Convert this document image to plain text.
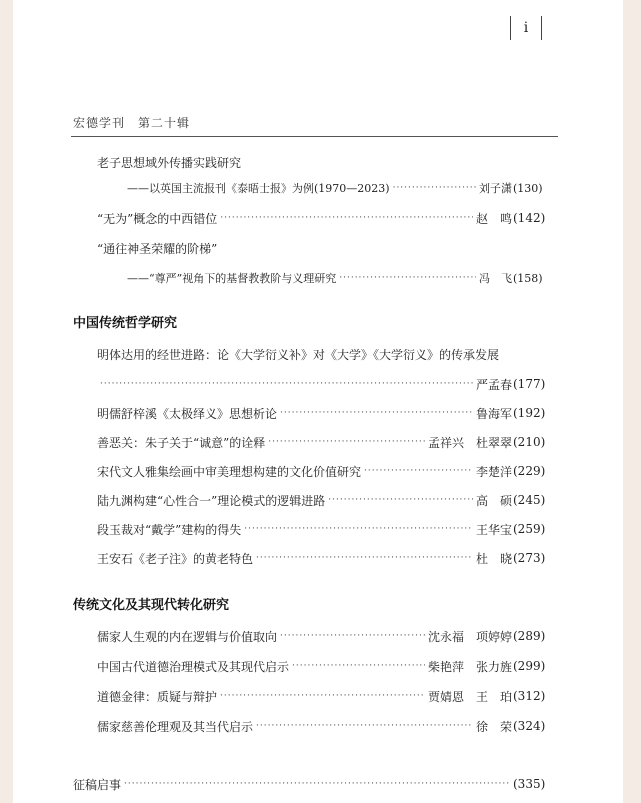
i
宏德学刊　第二十辑
老子思想域外传播实践研究
——以英国主流报刊《泰晤士报》为例(1970—2023) ·····	刘子潇 (130)
“无为”概念的中西错位 ·····	赵　鸣 (142)
“通往神圣荣耀的阶梯”
——“尊严”视角下的基督教教阶与义理研究 ·····	冯　飞 (158)
中国传统哲学研究
明体达用的经世进路：论《大学衍义补》对《大学》《大学衍义》的传承发展
·····
严孟春 (177)
明儒舒梓溪《太极绎义》思想析论 ·····	鲁海军 (192)
善恶关：朱子关于“诚意”的诠释 ·····	孟祥兴　杜翠翠 (210)
宋代文人雅集绘画中审美理想构建的文化价值研究 ·····	李楚洋 (229)
陆九渊构建“心性合一”理论模式的逻辑进路 ·····	高　硕 (245)
段玉裁对“戴学”建构的得失 ·····	王华宝 (259)
王安石《老子注》的黄老特色 ·····	杜　晓 (273)
传统文化及其现代转化研究
儒家人生观的内在逻辑与价值取向 ·····	沈永福　项婷婷 (289)
中国古代道德治理模式及其现代启示 ·····	柴艳萍　张力旌 (299)
道德金律：质疑与辩护 ·····	贾婧恩　王　珀 (312)
儒家慈善伦理观及其当代启示 ·····	徐　荣 (324)
征稿启事 ·····	(335)
